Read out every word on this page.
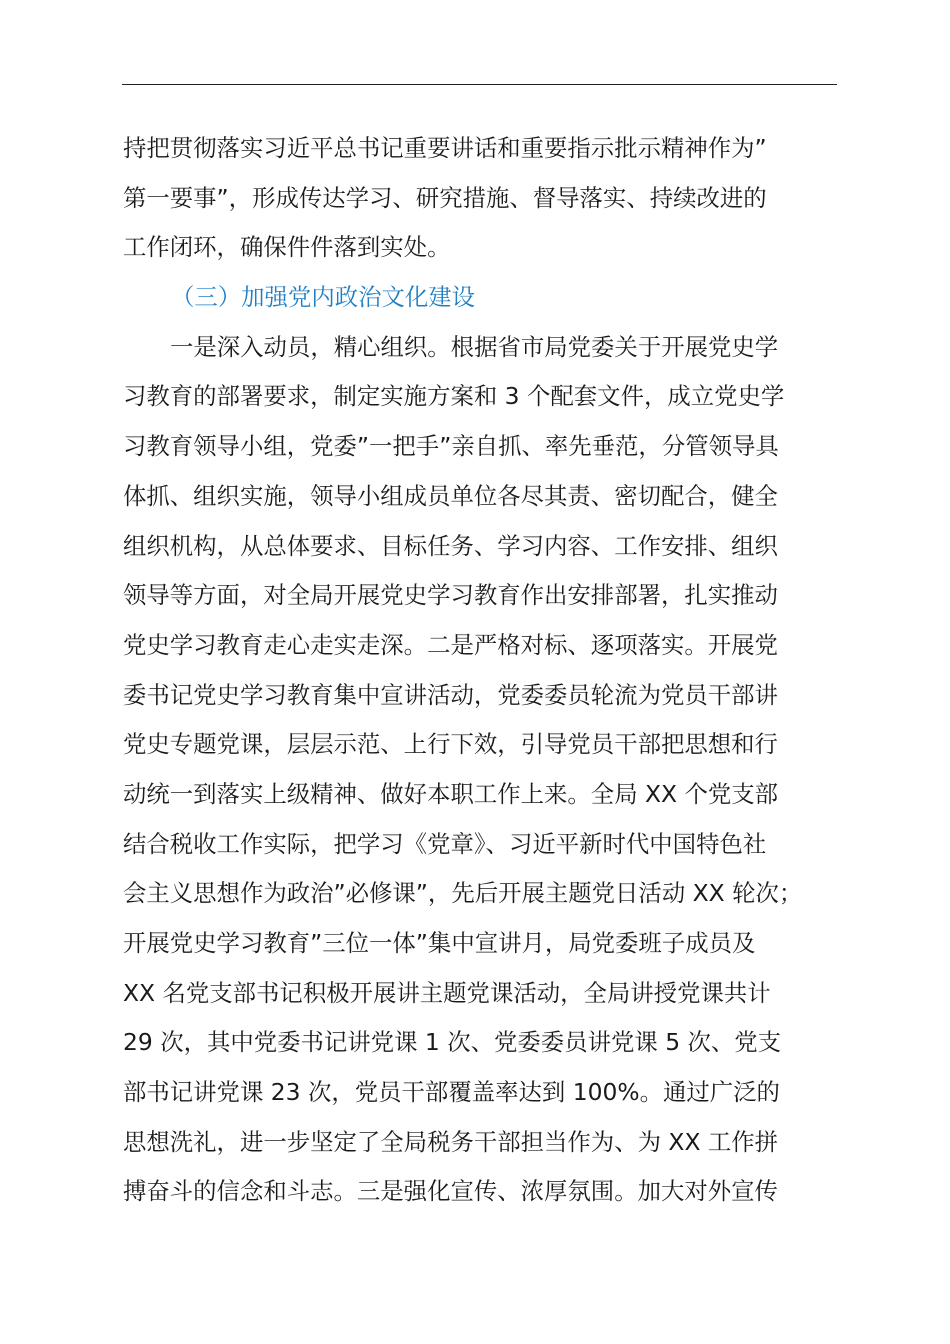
持把贯彻落实习近平总书记重要讲话和重要指示批示精神作为”
第一要事”，形成传达学习、研究措施、督导落实、持续改进的
工作闭环，确保件件落到实处。
（三）加强党内政治文化建设
一是深入动员，精心组织。根据省市局党委关于开展党史学
习教育的部署要求，制定实施方案和 3 个配套文件，成立党史学
习教育领导小组，党委”一把手”亲自抓、率先垂范，分管领导具
体抓、组织实施，领导小组成员单位各尽其责、密切配合，健全
组织机构，从总体要求、目标任务、学习内容、工作安排、组织
领导等方面，对全局开展党史学习教育作出安排部署，扎实推动
党史学习教育走心走实走深。二是严格对标、逐项落实。开展党
委书记党史学习教育集中宣讲活动，党委委员轮流为党员干部讲
党史专题党课，层层示范、上行下效，引导党员干部把思想和行
动统一到落实上级精神、做好本职工作上来。全局 XX 个党支部
结合税收工作实际，把学习《党章》、习近平新时代中国特色社
会主义思想作为政治”必修课”，先后开展主题党日活动 XX 轮次；
开展党史学习教育”三位一体”集中宣讲月，局党委班子成员及
XX 名党支部书记积极开展讲主题党课活动，全局讲授党课共计
29 次，其中党委书记讲党课 1 次、党委委员讲党课 5 次、党支
部书记讲党课 23 次，党员干部覆盖率达到 100%。通过广泛的
思想洗礼，进一步坚定了全局税务干部担当作为、为 XX 工作拼
搏奋斗的信念和斗志。三是强化宣传、浓厚氛围。加大对外宣传
